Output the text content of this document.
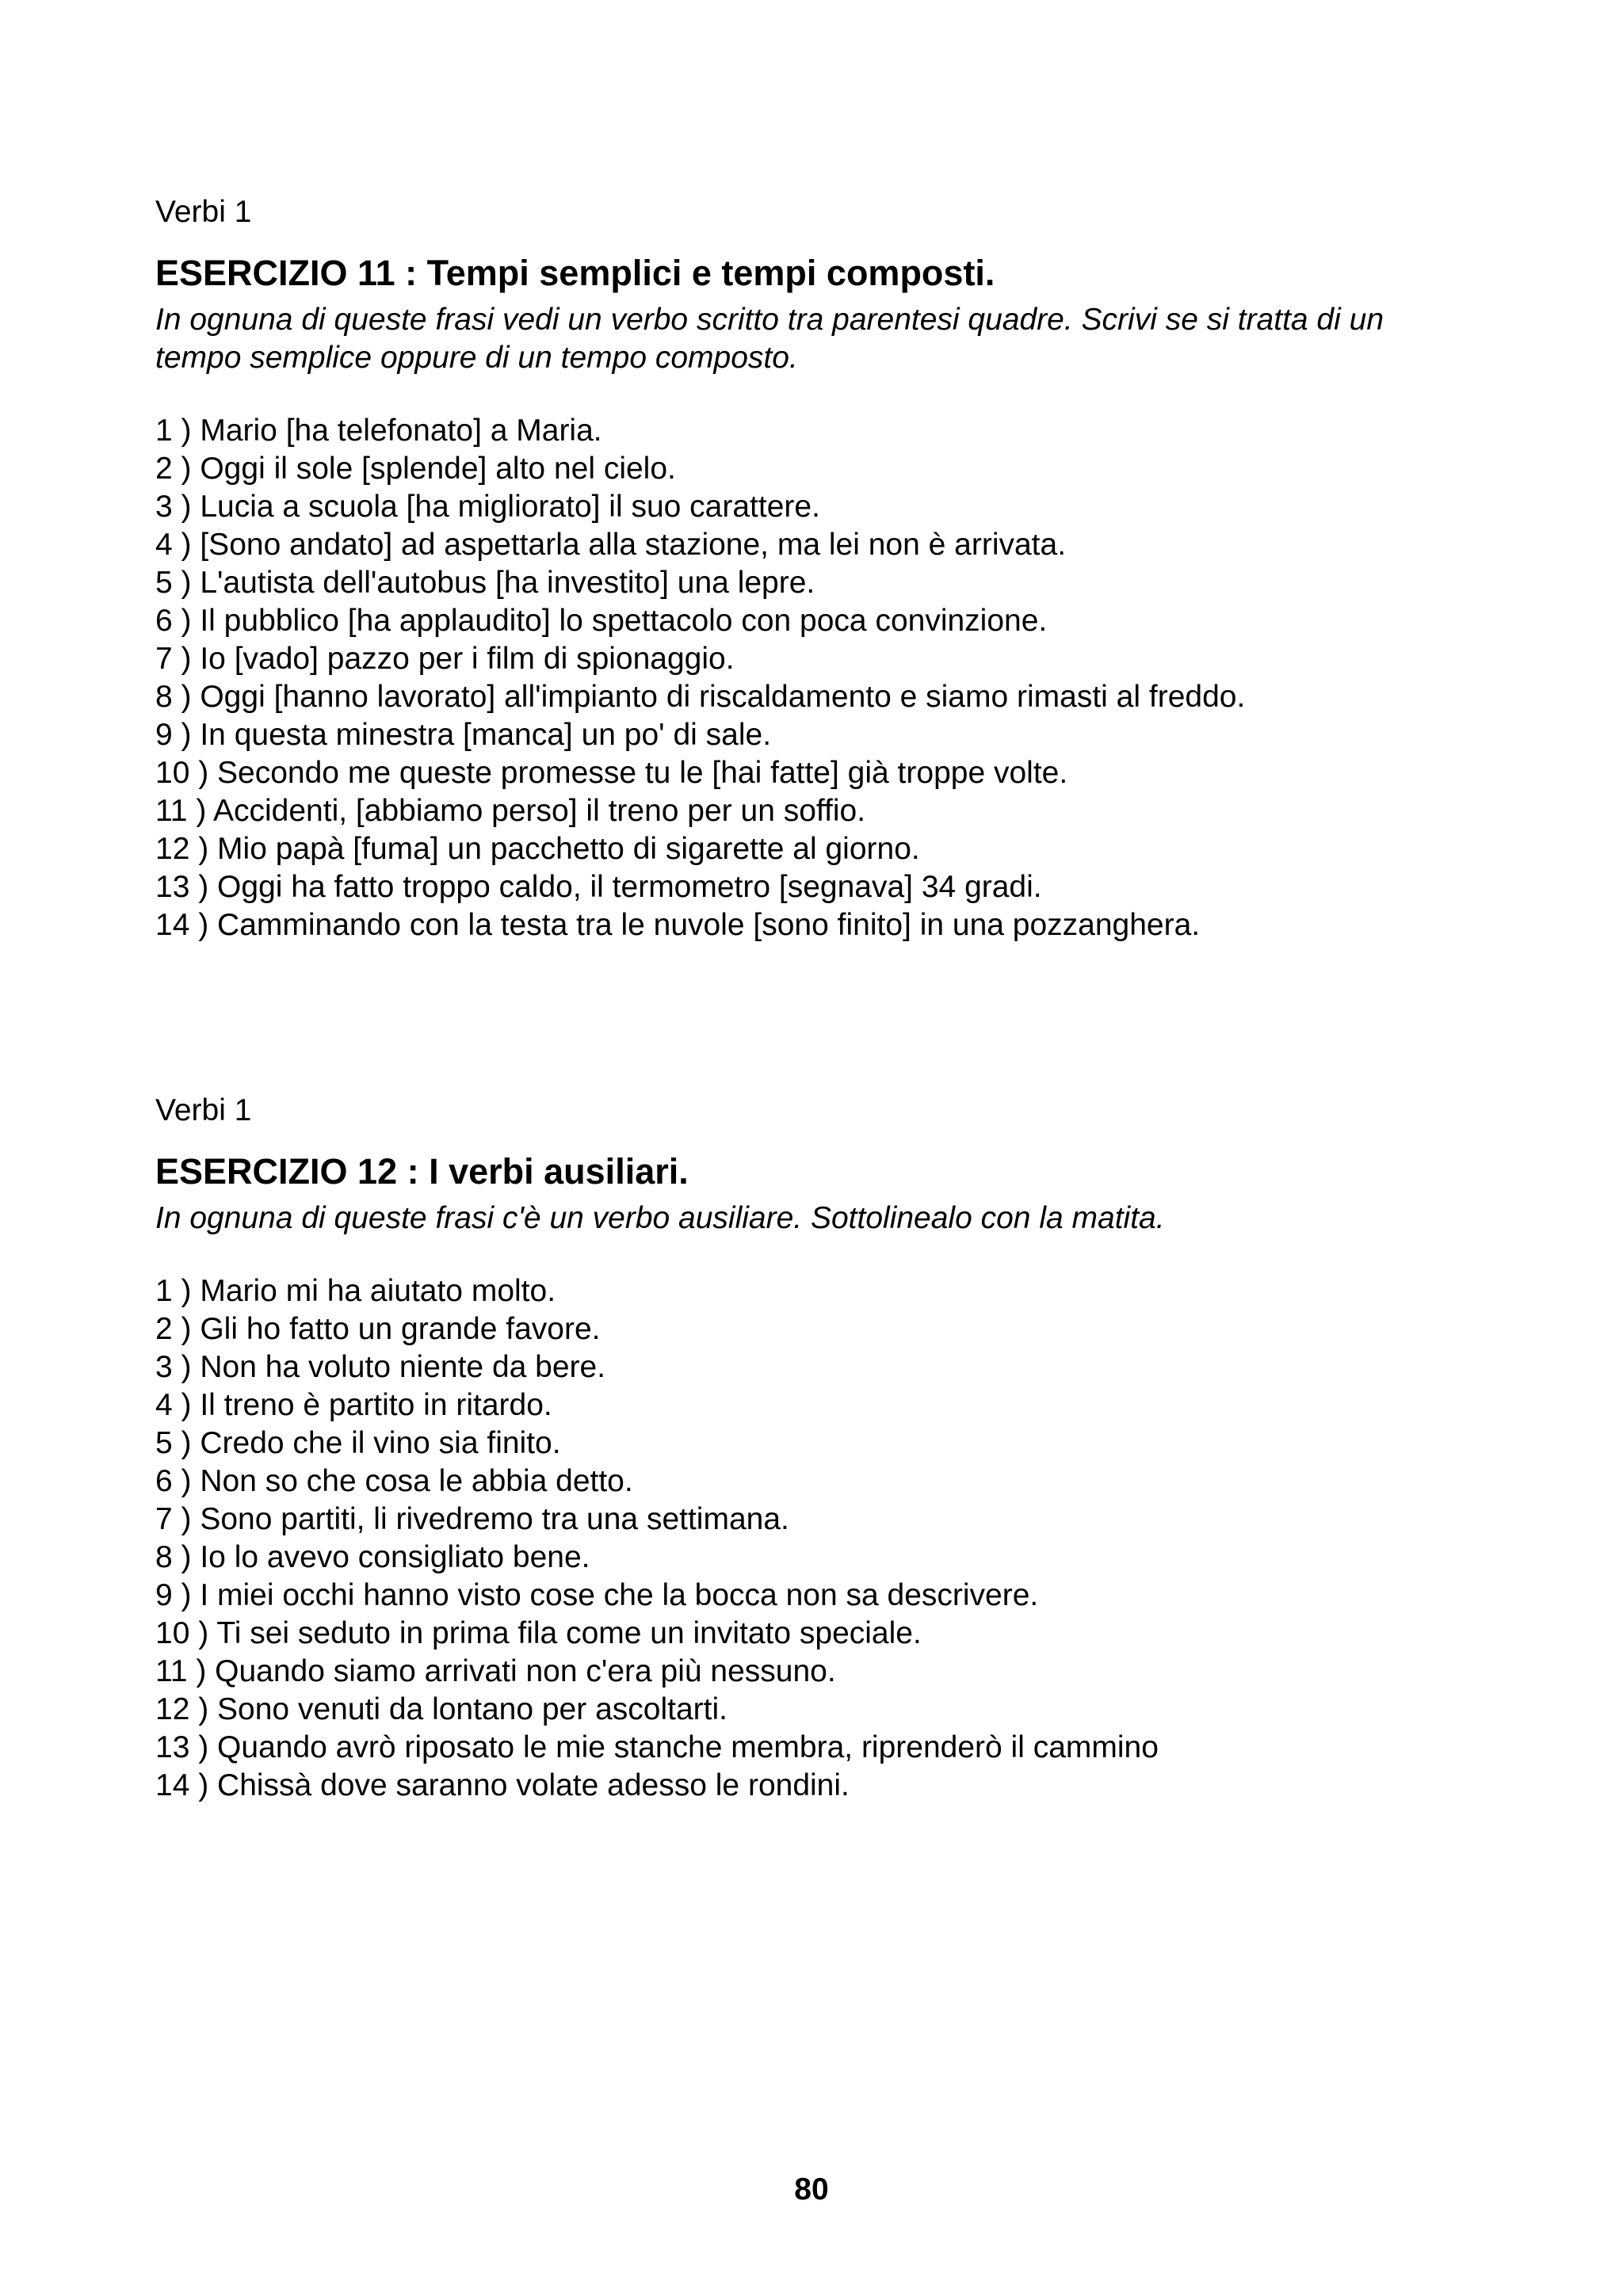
Verbi 1

ESERCIZIO 11 : Tempi semplici e tempi composti.

In ognuna di queste frasi vedi un verbo scritto tra parentesi quadre. Scrivi se si tratta di un

tempo semplice oppure di un tempo composto.

1 ) Mario [ha telefonato] a Maria.
2 ) Oggi il sole [splende] alto nel cielo.
3 ) Lucia a scuola [ha migliorato] il suo carattere.
4 ) [Sono andato] ad aspettarla alla stazione, ma lei non è arrivata.
5 ) L'autista dell'autobus [ha investito] una lepre.
6 ) Il pubblico [ha applaudito] lo spettacolo con poca convinzione.
7 ) Io [vado] pazzo per i film di spionaggio.
8 ) Oggi [hanno lavorato] all'impianto di riscaldamento e siamo rimasti al freddo.
9 ) In questa minestra [manca] un po' di sale.
10 ) Secondo me queste promesse tu le [hai fatte] già troppe volte.
11 ) Accidenti, [abbiamo perso] il treno per un soffio.
12 ) Mio papà [fuma] un pacchetto di sigarette al giorno.
13 ) Oggi ha fatto troppo caldo, il termometro [segnava] 34 gradi.
14 ) Camminando con la testa tra le nuvole [sono finito] in una pozzanghera.

Verbi 1

ESERCIZIO 12 : I verbi ausiliari.

In ognuna di queste frasi c'è un verbo ausiliare. Sottolinealo con la matita.

1 ) Mario mi ha aiutato molto.
2 ) Gli ho fatto un grande favore.
3 ) Non ha voluto niente da bere.
4 ) Il treno è partito in ritardo.
5 ) Credo che il vino sia finito.
6 ) Non so che cosa le abbia detto.
7 ) Sono partiti, li rivedremo tra una settimana.
8 ) Io lo avevo consigliato bene.
9 ) I miei occhi hanno visto cose che la bocca non sa descrivere.
10 ) Ti sei seduto in prima fila come un invitato speciale.
11 ) Quando siamo arrivati non c'era più nessuno.
12 ) Sono venuti da lontano per ascoltarti.
13 ) Quando avrò riposato le mie stanche membra, riprenderò il cammino
14 ) Chissà dove saranno volate adesso le rondini.
80
